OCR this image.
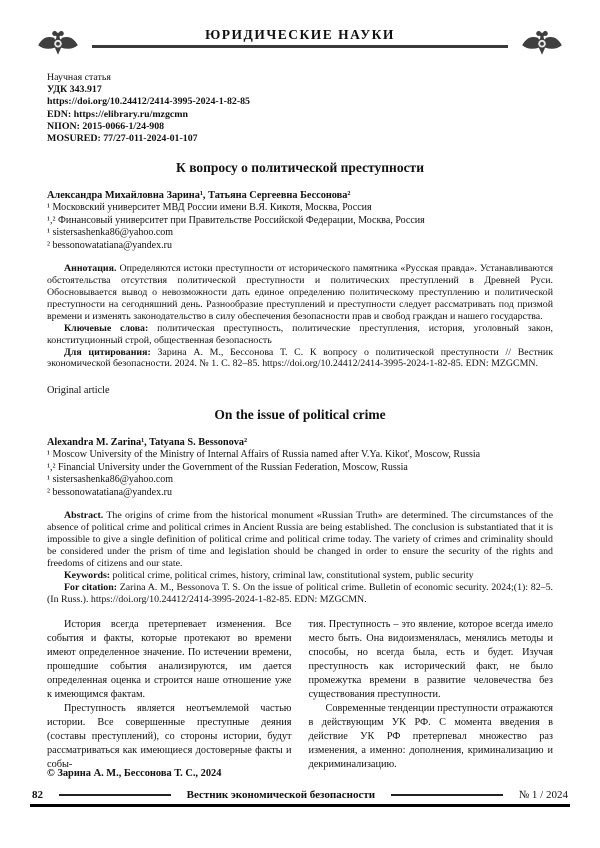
ЮРИДИЧЕСКИЕ НАУКИ
Научная статья
УДК 343.917
https://doi.org/10.24412/2414-3995-2024-1-82-85
EDN: https://elibrary.ru/mzgcmn
NIION: 2015-0066-1/24-908
MOSURED: 77/27-011-2024-01-107
К вопросу о политической преступности
Александра Михайловна Зарина¹, Татьяна Сергеевна Бессонова²
¹ Московский университет МВД России имени В.Я. Кикотя, Москва, Россия
¹,² Финансовый университет при Правительстве Российской Федерации, Москва, Россия
¹ sistersashenka86@yahoo.com
² bessonowatatiana@yandex.ru

Аннотация. Определяются истоки преступности от исторического памятника «Русская правда». Устанавливаются обстоятельства отсутствия политической преступности и политических преступлений в Древней Руси. Обосновывается вывод о невозможности дать единое определению политическому преступлению и политической преступности на сегодняшний день. Разнообразие преступлений и преступности следует рассматривать под призмой времени и изменять законодательство в силу обеспечения безопасности прав и свобод граждан и нашего государства.

Ключевые слова: политическая преступность, политические преступления, история, уголовный закон, конституционный строй, общественная безопасность

Для цитирования: Зарина А. М., Бессонова Т. С. К вопросу о политической преступности // Вестник экономической безопасности. 2024. № 1. С. 82–85. https://doi.org/10.24412/2414-3995-2024-1-82-85. EDN: MZGCMN.

Original article
On the issue of political crime
Alexandra M. Zarina¹, Tatyana S. Bessonova²
¹ Moscow University of the Ministry of Internal Affairs of Russia named after V.Ya. Kikot', Moscow, Russia
¹,² Financial University under the Government of the Russian Federation, Moscow, Russia
¹ sistersashenka86@yahoo.com
² bessonowatatiana@yandex.ru

Abstract. The origins of crime from the historical monument «Russian Truth» are determined. The circumstances of the absence of political crime and political crimes in Ancient Russia are being established. The conclusion is substantiated that it is impossible to give a single definition of political crime and political crime today. The variety of crimes and criminality should be considered under the prism of time and legislation should be changed in order to ensure the security of the rights and freedoms of citizens and our state.

Keywords: political crime, political crimes, history, criminal law, constitutional system, public security

For citation: Zarina A. M., Bessonova T. S. On the issue of political crime. Bulletin of economic security. 2024;(1): 82–5. (In Russ.). https://doi.org/10.24412/2414-3995-2024-1-82-85. EDN: MZGCMN.

История всегда претерпевает изменения. Все события и факты, которые протекают во времени имеют определенное значение. По истечении времени, прошедшие события анализируются, им дается определенная оценка и строится наше отношение уже к имеющимся фактам.

Преступность является неотъемлемой частью истории. Все совершенные преступные деяния (составы преступлений), со стороны истории, будут рассматриваться как имеющиеся достоверные факты и собы-

тия. Преступность – это явление, которое всегда имело место быть. Она видоизменялась, менялись методы и способы, но всегда была, есть и будет. Изучая преступность как исторический факт, не было промежутка времени в развитие человечества без существования преступности.

Современные тенденции преступности отражаются в действующим УК РФ. С момента введения в действие УК РФ претерпевал множество раз изменения, а именно: дополнения, криминализацию и декриминализацию.

© Зарина А. М., Бессонова Т. С., 2024
82	Вестник экономической безопасности	№ 1 / 2024
